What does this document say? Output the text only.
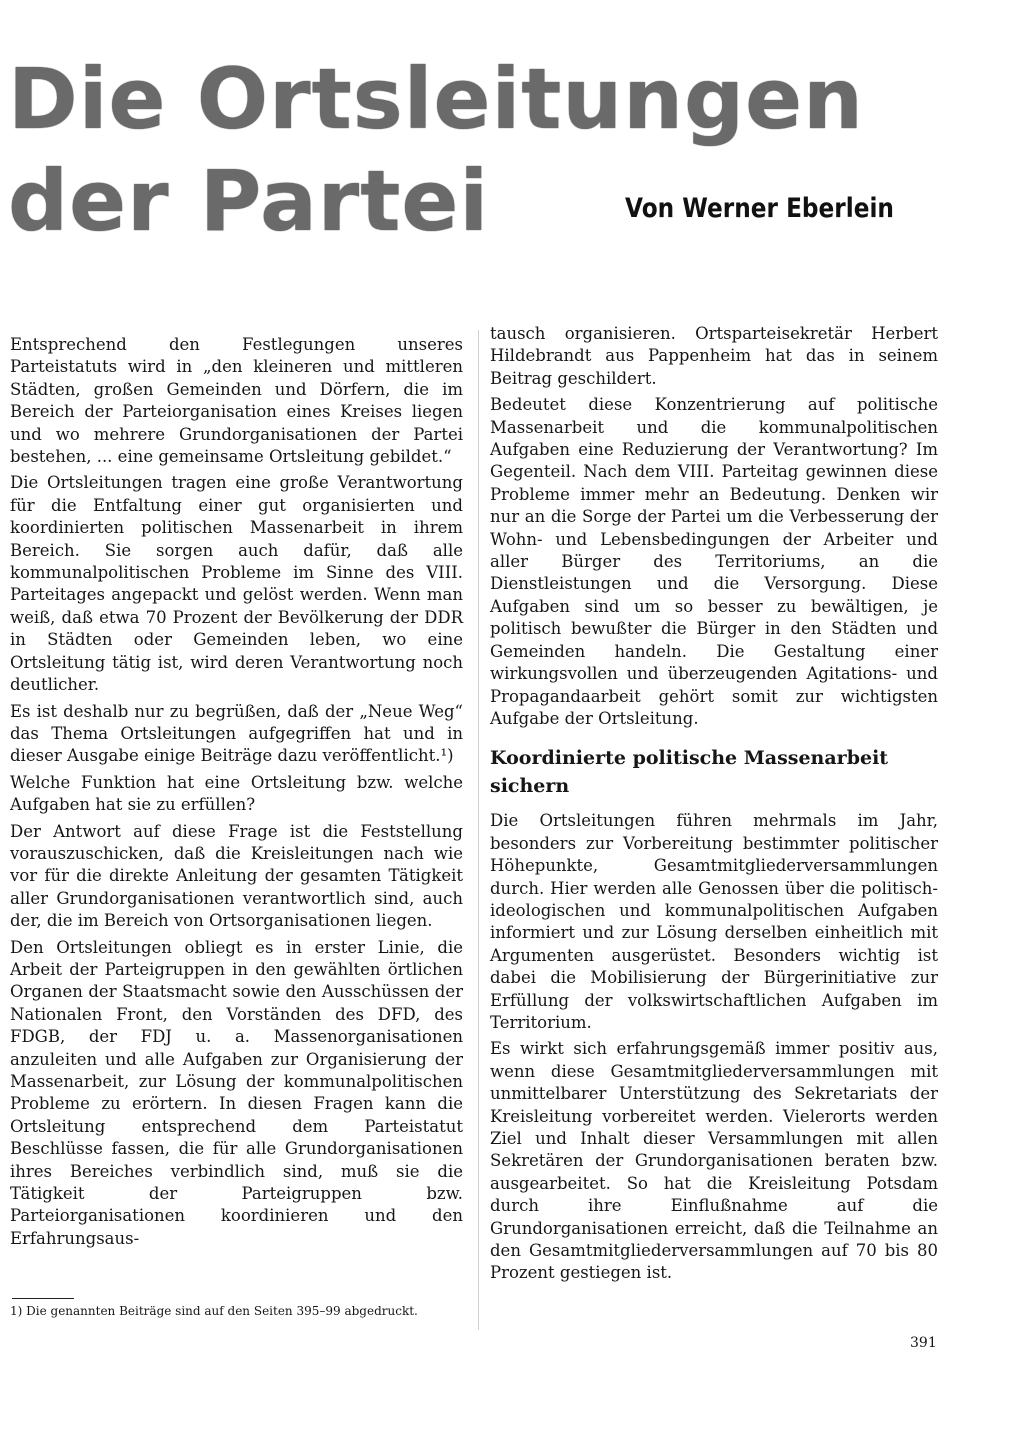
Die Ortsleitungen
der Partei	Von Werner Eberlein

Entsprechend den Festlegungen unseres Parteistatuts wird in „den kleineren und mittleren Städten, großen Gemeinden und Dörfern, die im Bereich der Parteiorganisation eines Kreises liegen und wo mehrere Grundorganisationen der Partei bestehen, ... eine gemeinsame Ortsleitung gebildet.“

Die Ortsleitungen tragen eine große Verantwortung für die Entfaltung einer gut organisierten und koordinierten politischen Massenarbeit in ihrem Bereich. Sie sorgen auch dafür, daß alle kommunalpolitischen Probleme im Sinne des VIII. Parteitages angepackt und gelöst werden. Wenn man weiß, daß etwa 70 Prozent der Bevölkerung der DDR in Städten oder Gemeinden leben, wo eine Ortsleitung tätig ist, wird deren Verantwortung noch deutlicher.

Es ist deshalb nur zu begrüßen, daß der „Neue Weg“ das Thema Ortsleitungen aufgegriffen hat und in dieser Ausgabe einige Beiträge dazu veröffentlicht.¹)

Welche Funktion hat eine Ortsleitung bzw. welche Aufgaben hat sie zu erfüllen?

Der Antwort auf diese Frage ist die Feststellung vorauszuschicken, daß die Kreisleitungen nach wie vor für die direkte Anleitung der gesamten Tätigkeit aller Grundorganisationen verantwortlich sind, auch der, die im Bereich von Ortsorganisationen liegen.

Den Ortsleitungen obliegt es in erster Linie, die Arbeit der Parteigruppen in den gewählten örtlichen Organen der Staatsmacht sowie den Ausschüssen der Nationalen Front, den Vorständen des DFD, des FDGB, der FDJ u. a. Massenorganisationen anzuleiten und alle Aufgaben zur Organisierung der Massenarbeit, zur Lösung der kommunalpolitischen Probleme zu erörtern. In diesen Fragen kann die Ortsleitung entsprechend dem Parteistatut Beschlüsse fassen, die für alle Grundorganisationen ihres Bereiches verbindlich sind, muß sie die Tätigkeit der Parteigruppen bzw. Parteiorganisationen koordinieren und den Erfahrungsaus-

tausch organisieren. Ortsparteisekretär Herbert Hildebrandt aus Pappenheim hat das in seinem Beitrag geschildert.

Bedeutet diese Konzentrierung auf politische Massenarbeit und die kommunalpolitischen Aufgaben eine Reduzierung der Verantwortung? Im Gegenteil. Nach dem VIII. Parteitag gewinnen diese Probleme immer mehr an Bedeutung. Denken wir nur an die Sorge der Partei um die Verbesserung der Wohn- und Lebensbedingungen der Arbeiter und aller Bürger des Territoriums, an die Dienstleistungen und die Versorgung. Diese Aufgaben sind um so besser zu bewältigen, je politisch bewußter die Bürger in den Städten und Gemeinden handeln. Die Gestaltung einer wirkungsvollen und überzeugenden Agitations- und Propagandaarbeit gehört somit zur wichtigsten Aufgabe der Ortsleitung.

Koordinierte politische Massenarbeit sichern

Die Ortsleitungen führen mehrmals im Jahr, besonders zur Vorbereitung bestimmter politischer Höhepunkte, Gesamtmitgliederversammlungen durch. Hier werden alle Genossen über die politisch-ideologischen und kommunalpolitischen Aufgaben informiert und zur Lösung derselben einheitlich mit Argumenten ausgerüstet. Besonders wichtig ist dabei die Mobilisierung der Bürgerinitiative zur Erfüllung der volkswirtschaftlichen Aufgaben im Territorium.

Es wirkt sich erfahrungsgemäß immer positiv aus, wenn diese Gesamtmitgliederversammlungen mit unmittelbarer Unterstützung des Sekretariats der Kreisleitung vorbereitet werden. Vielerorts werden Ziel und Inhalt dieser Versammlungen mit allen Sekretären der Grundorganisationen beraten bzw. ausgearbeitet. So hat die Kreisleitung Potsdam durch ihre Einflußnahme auf die Grundorganisationen erreicht, daß die Teilnahme an den Gesamtmitgliederversammlungen auf 70 bis 80 Prozent gestiegen ist.

1) Die genannten Beiträge sind auf den Seiten 395–99 abgedruckt.

391
